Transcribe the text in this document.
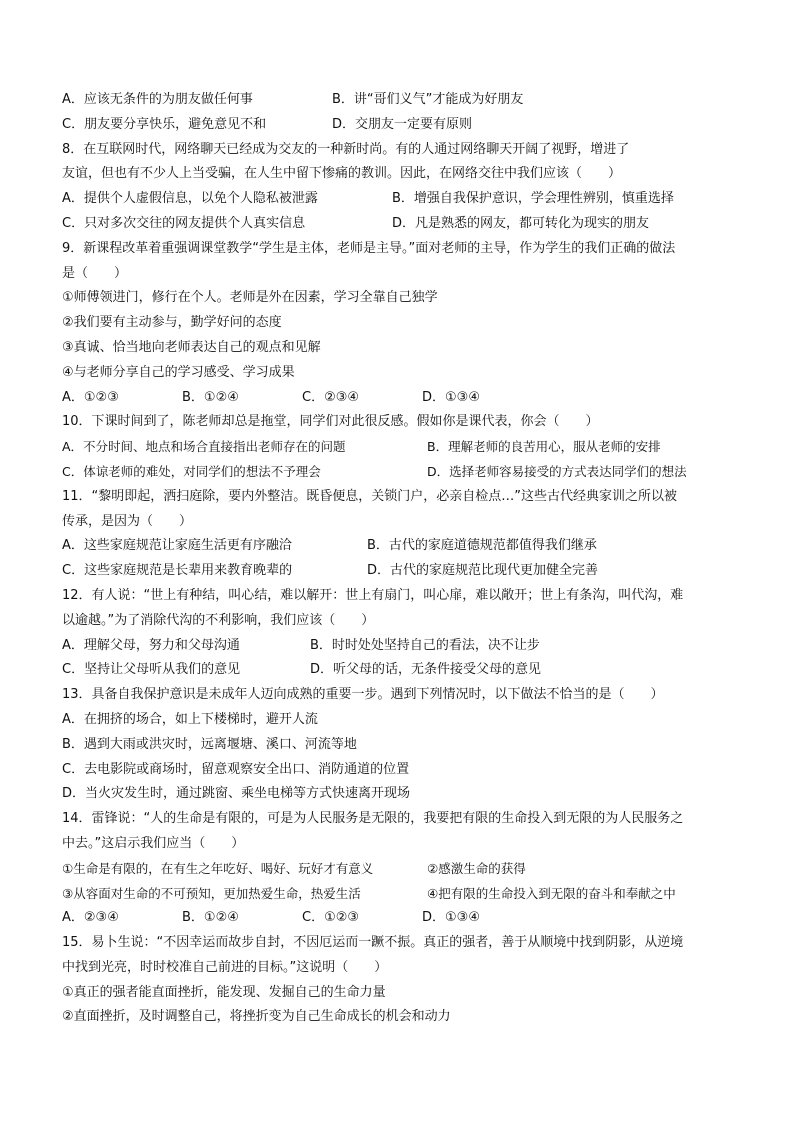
A．应该无条件的为朋友做任何事	B．讲“哥们义气”才能成为好朋友
C．朋友要分享快乐，避免意见不和	D．交朋友一定要有原则
8．在互联网时代，网络聊天已经成为交友的一种新时尚。有的人通过网络聊天开阔了视野，增进了
友谊，但也有不少人上当受骗，在人生中留下惨痛的教训。因此，在网络交往中我们应该（　　）
A．提供个人虚假信息，以免个人隐私被泄露	B．增强自我保护意识，学会理性辨别，慎重选择
C．只对多次交往的网友提供个人真实信息	D．凡是熟悉的网友，都可转化为现实的朋友
9．新课程改革着重强调课堂教学“学生是主体，老师是主导。”面对老师的主导，作为学生的我们正确的做法
是（　　）
①师傅领进门，修行在个人。老师是外在因素，学习全靠自己独学
②我们要有主动参与，勤学好问的态度
③真诚、恰当地向老师表达自己的观点和见解
④与老师分享自己的学习感受、学习成果
A．①②③	B．①②④	C．②③④	D．①③④
10．下课时间到了，陈老师却总是拖堂，同学们对此很反感。假如你是课代表，你会（　　）
A．不分时间、地点和场合直接指出老师存在的问题	B．理解老师的良苦用心，服从老师的安排
C．体谅老师的难处，对同学们的想法不予理会	D．选择老师容易接受的方式表达同学们的想法
11．“黎明即起，洒扫庭除，要内外整洁。既昏便息，关锁门户，必亲自检点…”这些古代经典家训之所以被
传承，是因为（　　）
A．这些家庭规范让家庭生活更有序融洽	B．古代的家庭道德规范都值得我们继承
C．这些家庭规范是长辈用来教育晚辈的	D．古代的家庭规范比现代更加健全完善
12．有人说：“世上有种结，叫心结，难以解开：世上有扇门，叫心扉，难以敞开；世上有条沟，叫代沟，难
以逾越。”为了消除代沟的不利影响，我们应该（　　）
A．理解父母，努力和父母沟通	B．时时处处坚持自己的看法，决不让步
C．坚持让父母听从我们的意见	D．听父母的话，无条件接受父母的意见
13．具备自我保护意识是未成年人迈向成熟的重要一步。遇到下列情况时，以下做法不恰当的是（　　）
A．在拥挤的场合，如上下楼梯时，避开人流
B．遇到大雨或洪灾时，远离堰塘、溪口、河流等地
C．去电影院或商场时，留意观察安全出口、消防通道的位置
D．当火灾发生时，通过跳窗、乘坐电梯等方式快速离开现场
14．雷锋说：“人的生命是有限的，可是为人民服务是无限的，我要把有限的生命投入到无限的为人民服务之
中去。”这启示我们应当（　　）
①生命是有限的，在有生之年吃好、喝好、玩好才有意义	②感激生命的获得
③从容面对生命的不可预知，更加热爱生命，热爱生活	④把有限的生命投入到无限的奋斗和奉献之中
A．②③④	B．①②④	C．①②③	D．①③④
15．易卜生说：“不因幸运而故步自封，不因厄运而一蹶不振。真正的强者，善于从顺境中找到阴影，从逆境
中找到光亮，时时校准自己前进的目标。”这说明（　　）
①真正的强者能直面挫折，能发现、发掘自己的生命力量
②直面挫折，及时调整自己，将挫折变为自己生命成长的机会和动力
